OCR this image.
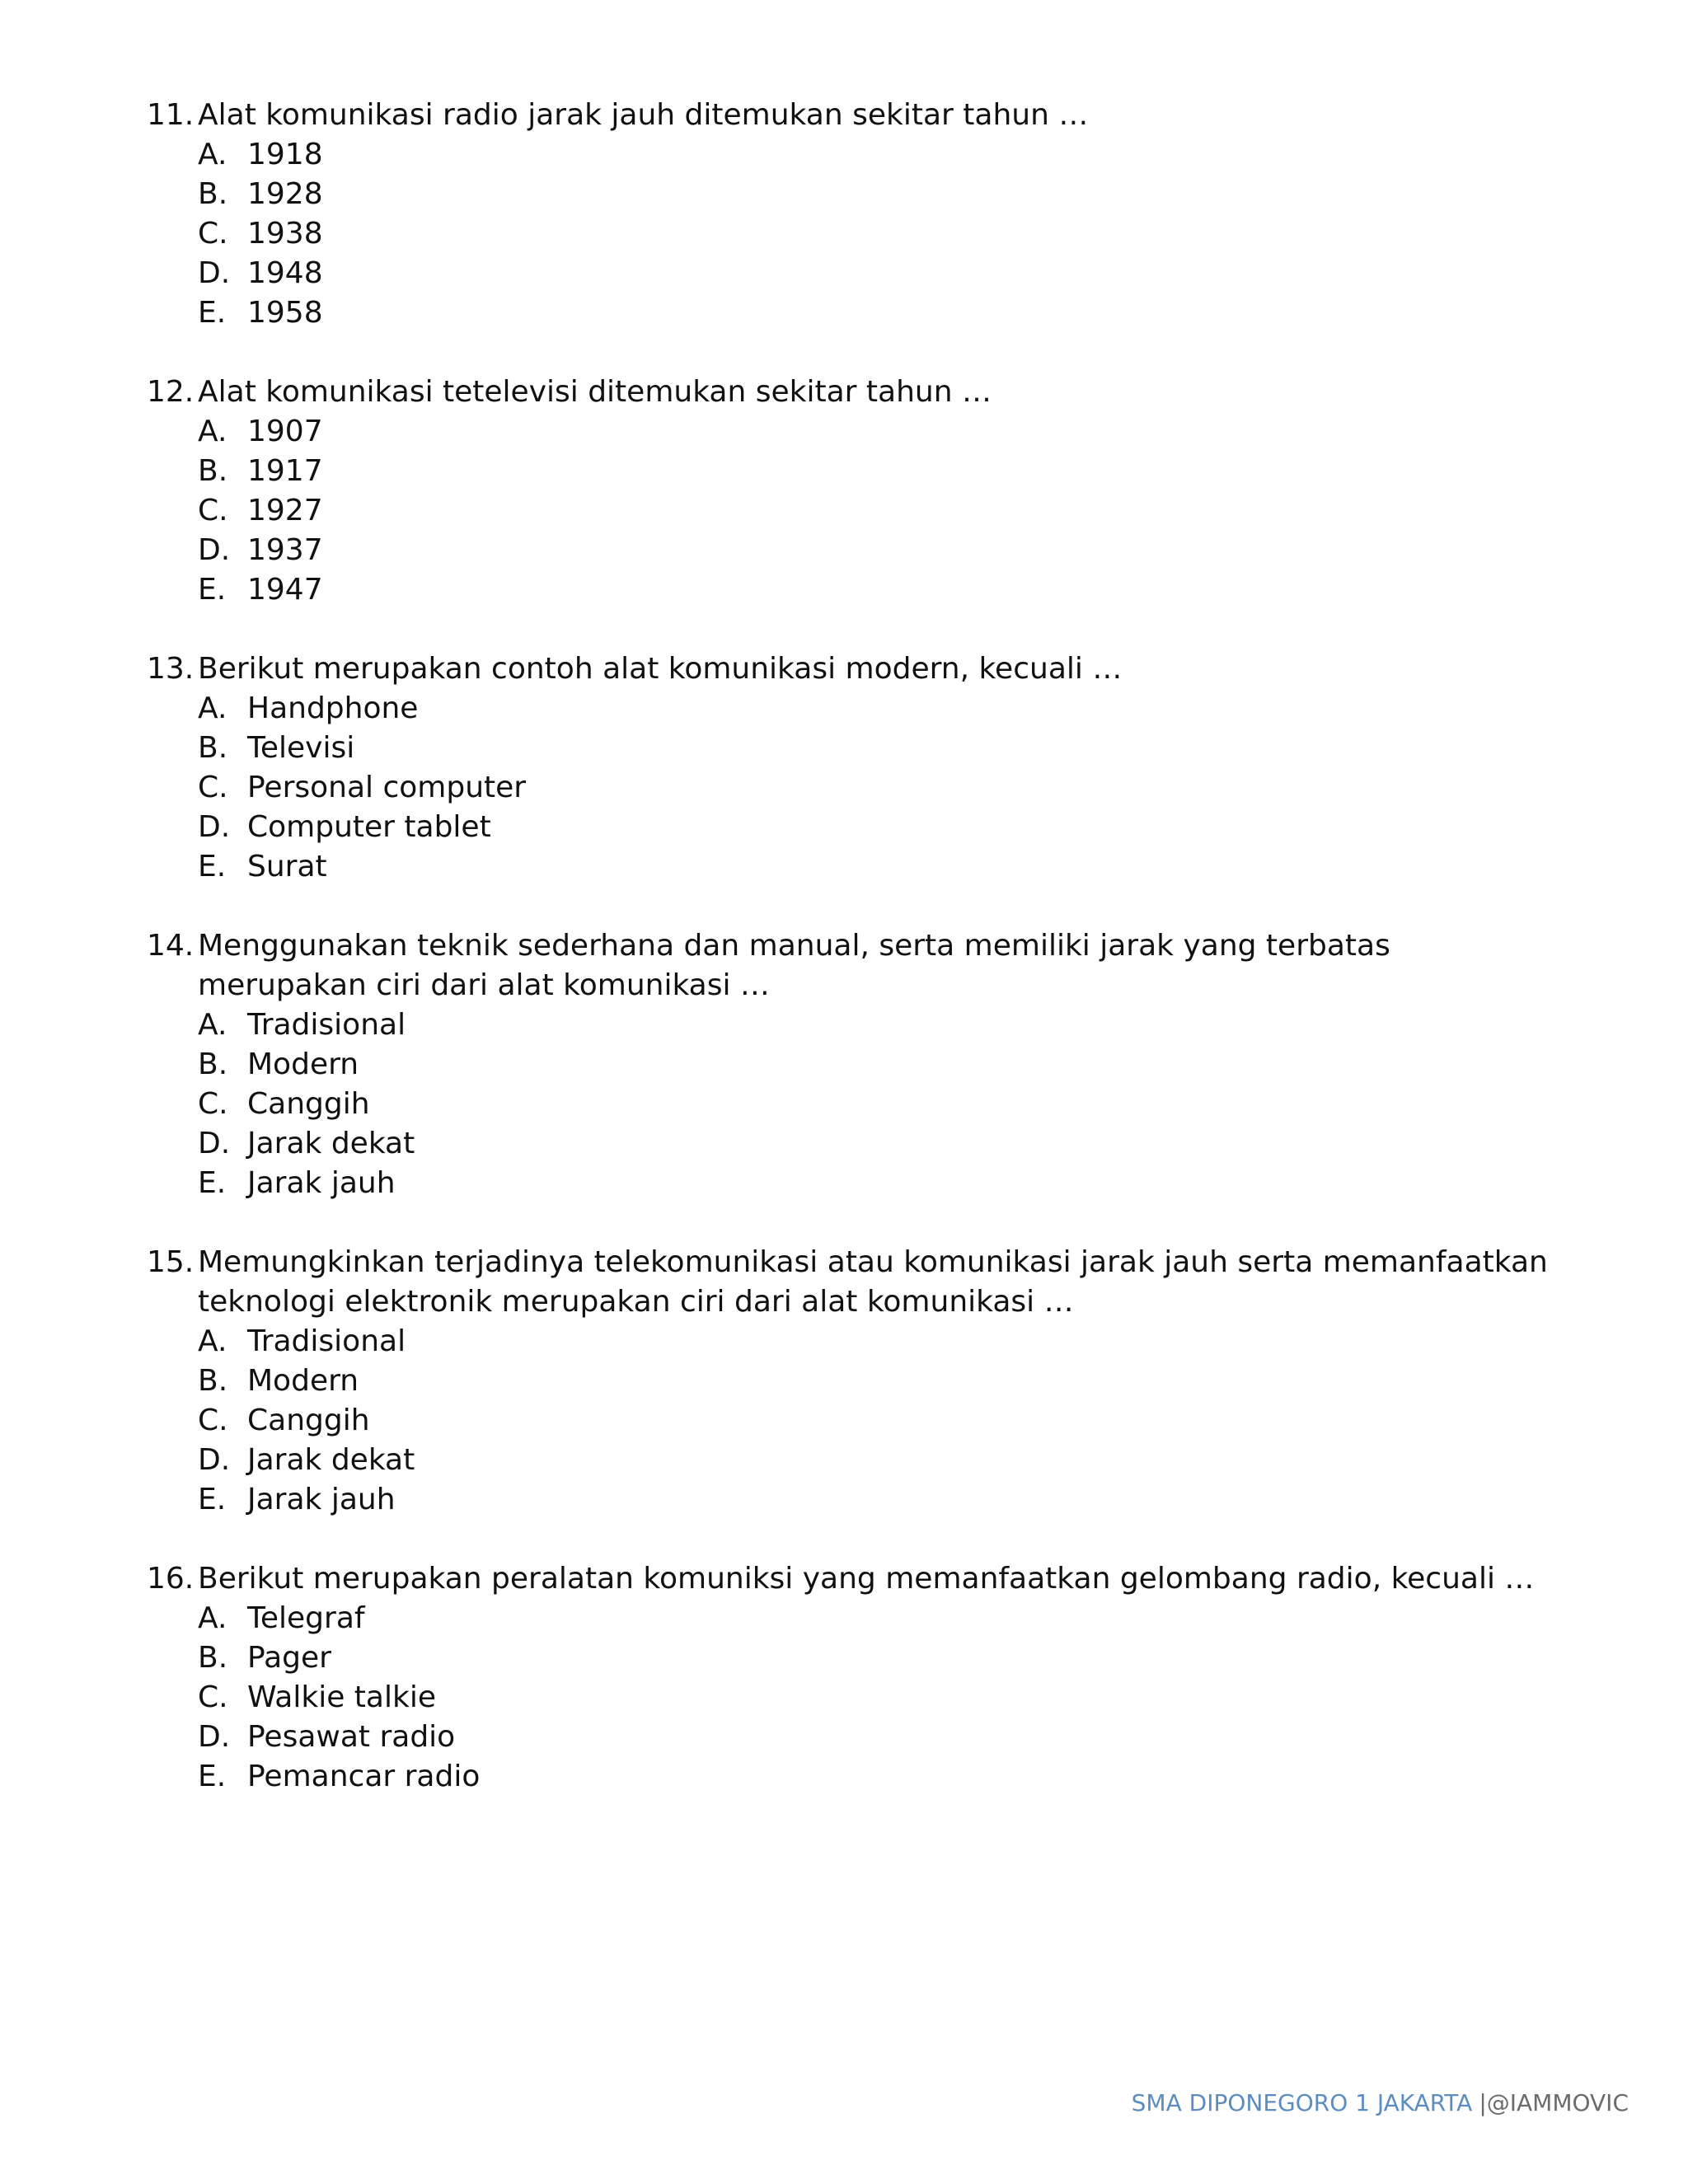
11. Alat komunikasi radio jarak jauh ditemukan sekitar tahun …
A. 1918
B. 1928
C. 1938
D. 1948
E. 1958
12. Alat komunikasi tetelevisi ditemukan sekitar tahun …
A. 1907
B. 1917
C. 1927
D. 1937
E. 1947
13. Berikut merupakan contoh alat komunikasi modern, kecuali …
A. Handphone
B. Televisi
C. Personal computer
D. Computer tablet
E. Surat
14. Menggunakan teknik sederhana dan manual, serta memiliki jarak yang terbatas merupakan ciri dari alat komunikasi …
A. Tradisional
B. Modern
C. Canggih
D. Jarak dekat
E. Jarak jauh
15. Memungkinkan terjadinya telekomunikasi atau komunikasi jarak jauh serta memanfaatkan teknologi elektronik merupakan ciri dari alat komunikasi …
A. Tradisional
B. Modern
C. Canggih
D. Jarak dekat
E. Jarak jauh
16. Berikut merupakan peralatan komuniksi yang memanfaatkan gelombang radio, kecuali …
A. Telegraf
B. Pager
C. Walkie talkie
D. Pesawat radio
E. Pemancar radio
SMA DIPONEGORO 1 JAKARTA |@IAMMOVIC
